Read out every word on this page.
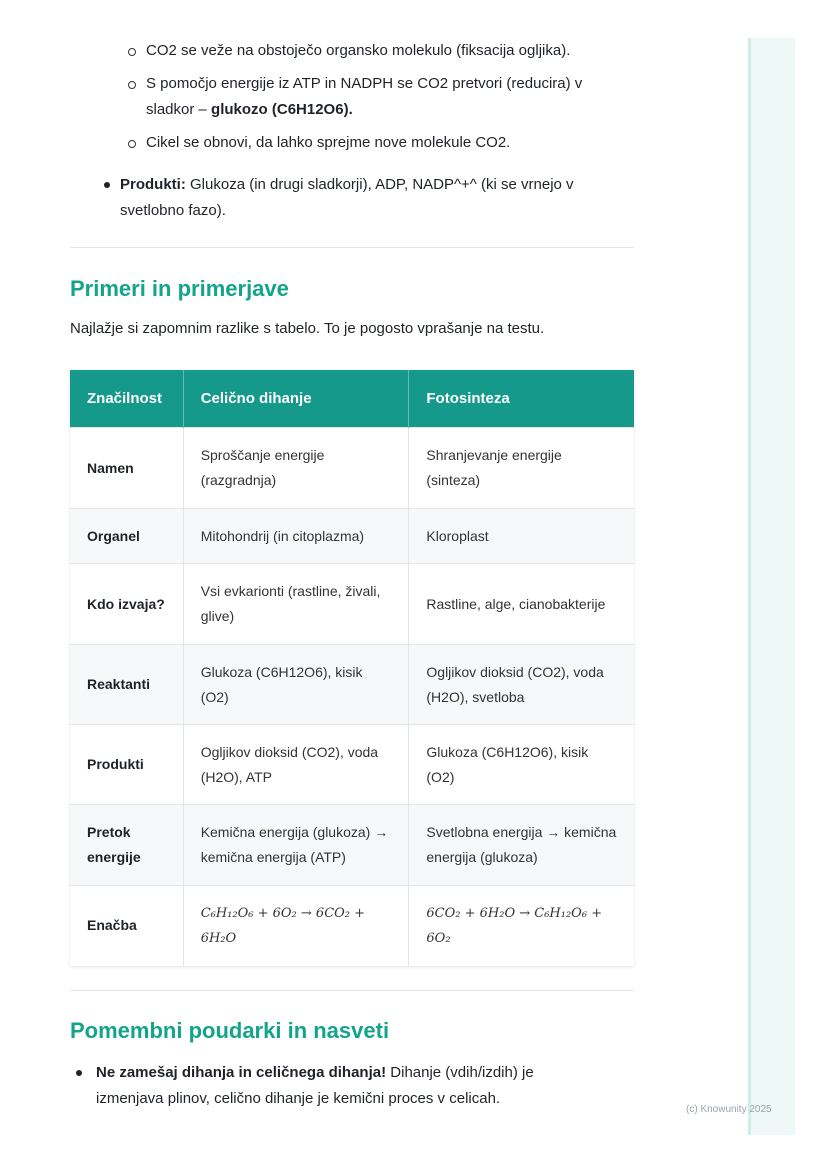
CO2 se veže na obstoječo organsko molekulo (fiksacija ogljika).
S pomočjo energije iz ATP in NADPH se CO2 pretvori (reducira) v sladkor – glukozo (C6H12O6).
Cikel se obnovi, da lahko sprejme nove molekule CO2.
Produkti: Glukoza (in drugi sladkorji), ADP, NADP^+^ (ki se vrnejo v svetlobno fazo).
Primeri in primerjave

Najlažje si zapomnim razlike s tabelo. To je pogosto vprašanje na testu.

Značilnost	Celično dihanje	Fotosinteza
Namen	Sproščanje energije (razgradnja)	Shranjevanje energije (sinteza)
Organel	Mitohondrij (in citoplazma)	Kloroplast
Kdo izvaja?	Vsi evkarionti (rastline, živali, glive)	Rastline, alge, cianobakterije
Reaktanti	Glukoza (C6H12O6), kisik (O2)	Ogljikov dioksid (CO2), voda (H2O), svetloba
Produkti	Ogljikov dioksid (CO2), voda (H2O), ATP	Glukoza (C6H12O6), kisik (O2)
Pretok energije	Kemična energija (glukoza) → kemična energija (ATP)	Svetlobna energija → kemična energija (glukoza)
Enačba	C₆H₁₂O₆ + 6O₂ → 6CO₂ + 6H₂O	6CO₂ + 6H₂O → C₆H₁₂O₆ + 6O₂
Pomembni poudarki in nasveti
Ne zamešaj dihanja in celičnega dihanja! Dihanje (vdih/izdih) je izmenjava plinov, celično dihanje je kemični proces v celicah.
(c) Knowunity 2025
